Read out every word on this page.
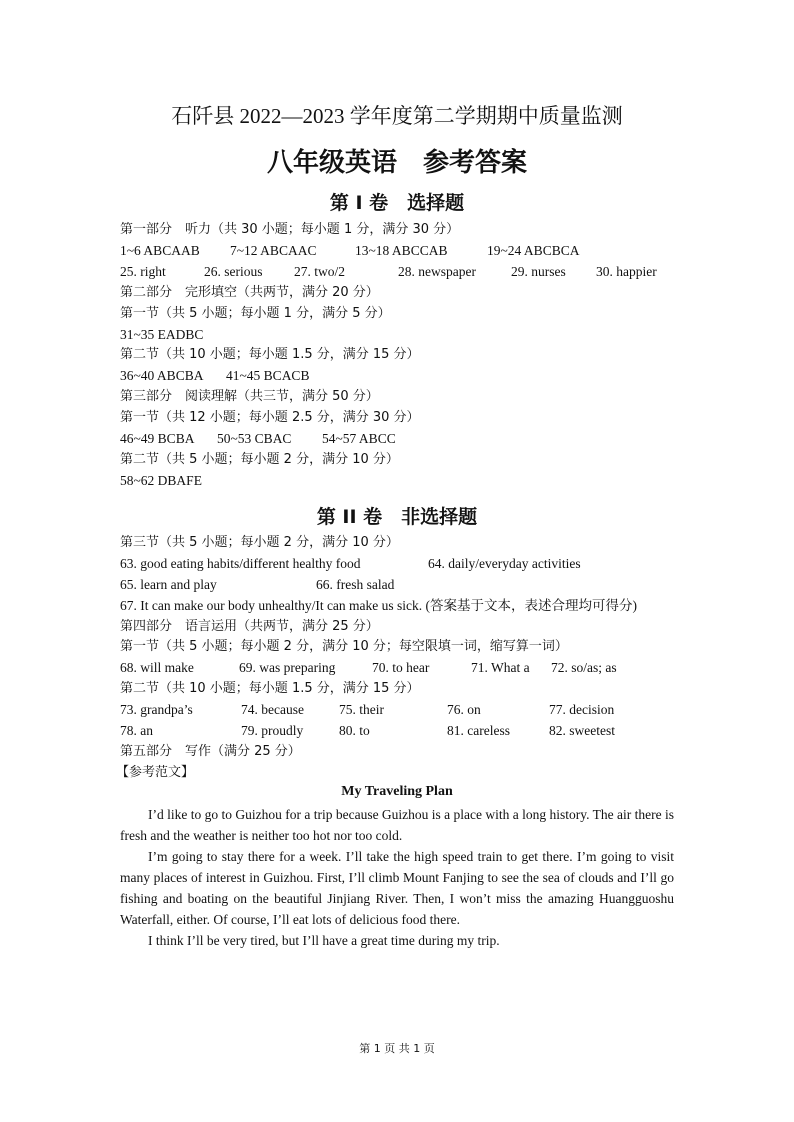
石阡县 2022—2023 学年度第二学期期中质量监测
八年级英语　参考答案
第 I 卷　选择题
第一部分　听力（共 30 小题；每小题 1 分，满分 30 分）
1~6 ABCAAB 7~12 ABCAAC	13~18 ABCCAB	19~24 ABCBCA
25. right	26. serious 27. two/2	28. newspaper	29. nurses 30. happier
第二部分　完形填空（共两节，满分 20 分）
第一节（共 5 小题；每小题 1 分，满分 5 分）
31~35 EADBC
第二节（共 10 小题；每小题 1.5 分，满分 15 分）
36~40 ABCBA 41~45 BCACB
第三部分　阅读理解（共三节，满分 50 分）
第一节（共 12 小题；每小题 2.5 分，满分 30 分）
46~49 BCBA 50~53 CBAC 54~57 ABCC
第二节（共 5 小题；每小题 2 分，满分 10 分）
58~62 DBAFE
第 II 卷　非选择题
第三节（共 5 小题；每小题 2 分，满分 10 分）
63. good eating habits/different healthy food	64. daily/everyday activities
65. learn and play	66. fresh salad
67. It can make our body unhealthy/It can make us sick. (答案基于文本，表述合理均可得分)
第四部分　语言运用（共两节，满分 25 分）
第一节（共 5 小题；每小题 2 分，满分 10 分；每空限填一词，缩写算一词）
68. will make	69. was preparing	70. to hear	71. What a 72. so/as; as
第二节（共 10 小题；每小题 1.5 分，满分 15 分）
73. grandpa’s	74. because	75. their	76. on	77. decision
78. an	79. proudly	80. to	81. careless	82. sweetest
第五部分　写作（满分 25 分）
【参考范文】
My Traveling Plan

I’d like to go to Guizhou for a trip because Guizhou is a place with a long history. The air there is fresh and the weather is neither too hot nor too cold.

I’m going to stay there for a week. I’ll take the high speed train to get there. I’m going to visit many places of interest in Guizhou. First, I’ll climb Mount Fanjing to see the sea of clouds and I’ll go fishing and boating on the beautiful Jinjiang River. Then, I won’t miss the amazing Huangguoshu Waterfall, either. Of course, I’ll eat lots of delicious food there.

I think I’ll be very tired, but I’ll have a great time during my trip.

第 1 页 共 1 页
